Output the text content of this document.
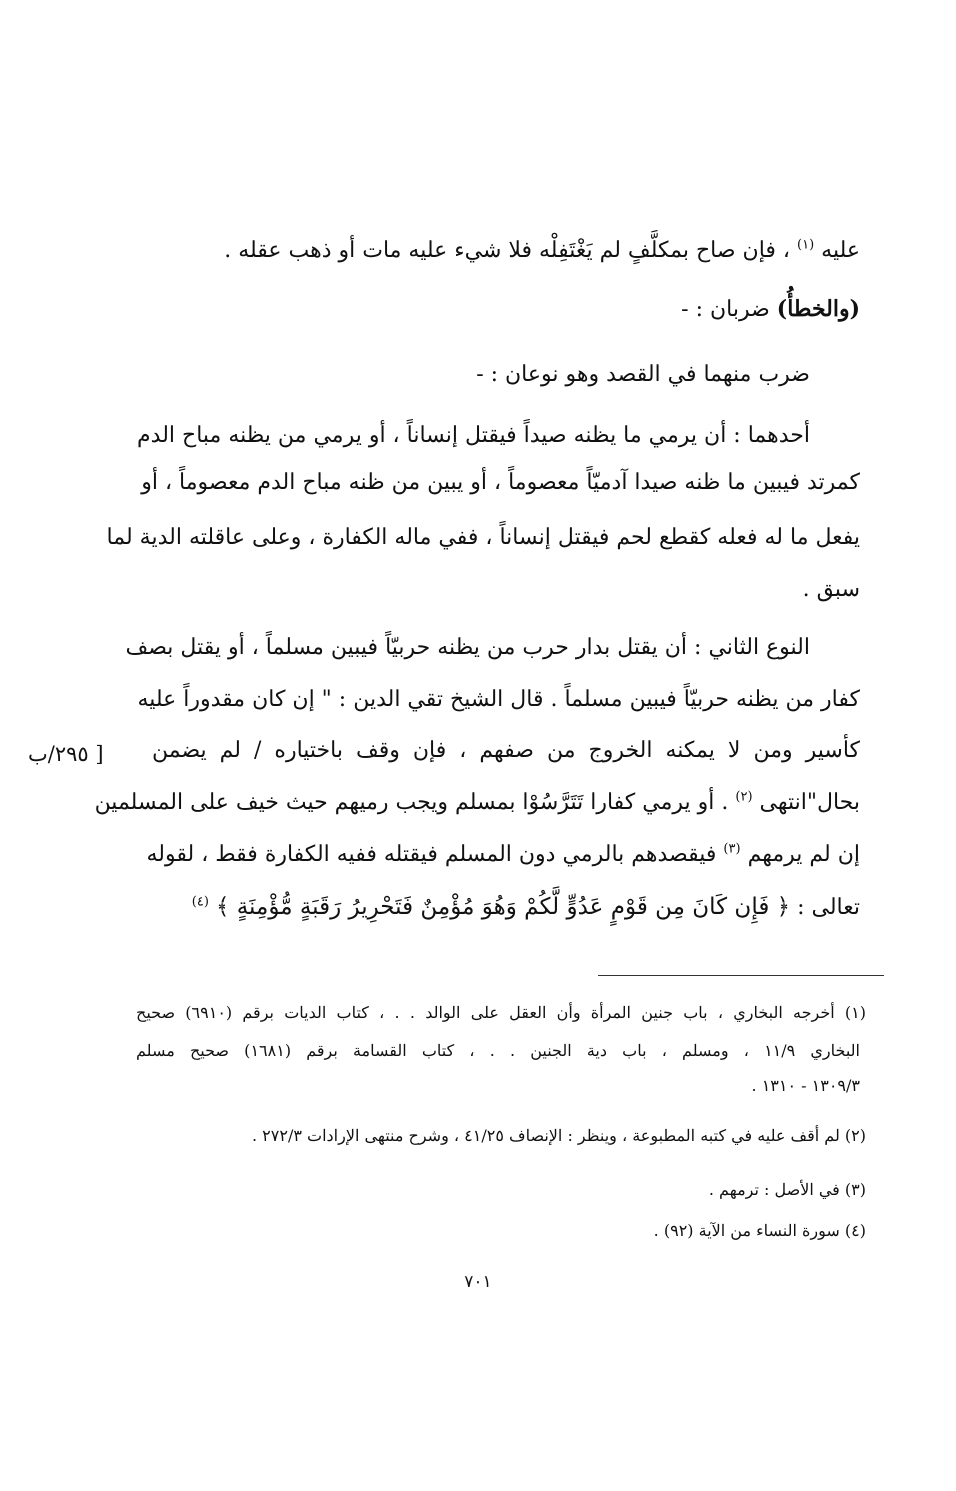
عليه $^{(١)}$ ، فإن صاح بمكلَّفٍ لم يَغْتَفِلْه فلا شيء عليه مات أو ذهب عقله .
(والخطأُ) ضربان : -
ضرب منهما في القصد وهو نوعان : -
أحدهما : أن يرمي ما يظنه صيداً فيقتل إنساناً ، أو يرمي من يظنه مباح الدم
كمرتد فيبين ما ظنه صيدا آدميّاً معصوماً ، أو يبين من ظنه مباح الدم معصوماً ، أو
يفعل ما له فعله كقطع لحم فيقتل إنساناً ، ففي ماله الكفارة ، وعلى عاقلته الدية لما
سبق .
النوع الثاني : أن يقتل بدار حرب من يظنه حربيّاً فيبين مسلماً ، أو يقتل بصف
كفار من يظنه حربيّاً فيبين مسلماً . قال الشيخ تقي الدين : " إن كان مقدوراً عليه
كأسير ومن لا يمكنه الخروج من صفهم ، فإن وقف باختياره / لم يضمن
[ ٢٩٥/ب
بحال"انتهى $^{(٢)}$ . أو يرمي كفارا تَتَرَّسُوْا بمسلم ويجب رميهم حيث خيف على المسلمين
إن لم يرمهم $^{(٣)}$ فيقصدهم بالرمي دون المسلم فيقتله ففيه الكفارة فقط ، لقوله
تعالى : ﴿ فَإِن كَانَ مِن قَوْمٍ عَدُوٍّ لَّكُمْ وَهُوَ مُؤْمِنٌ فَتَحْرِيرُ رَقَبَةٍ مُّؤْمِنَةٍ ﴾ $^{(٤)}$
(١) أخرجه البخاري ، باب جنين المرأة وأن العقل على الوالد . . ، كتاب الديات برقم (٦٩١٠) صحيح
البخاري ١١/٩ ، ومسلم ، باب دية الجنين . . ، كتاب القسامة برقم (١٦٨١) صحيح مسلم
١٣٠٩/٣ - ١٣١٠ .
(٢) لم أقف عليه في كتبه المطبوعة ، وينظر : الإنصاف ٤١/٢٥ ، وشرح منتهى الإرادات ٢٧٢/٣ .
(٣) في الأصل : ترمهم .
(٤) سورة النساء من الآية (٩٢) .
٧٠١
